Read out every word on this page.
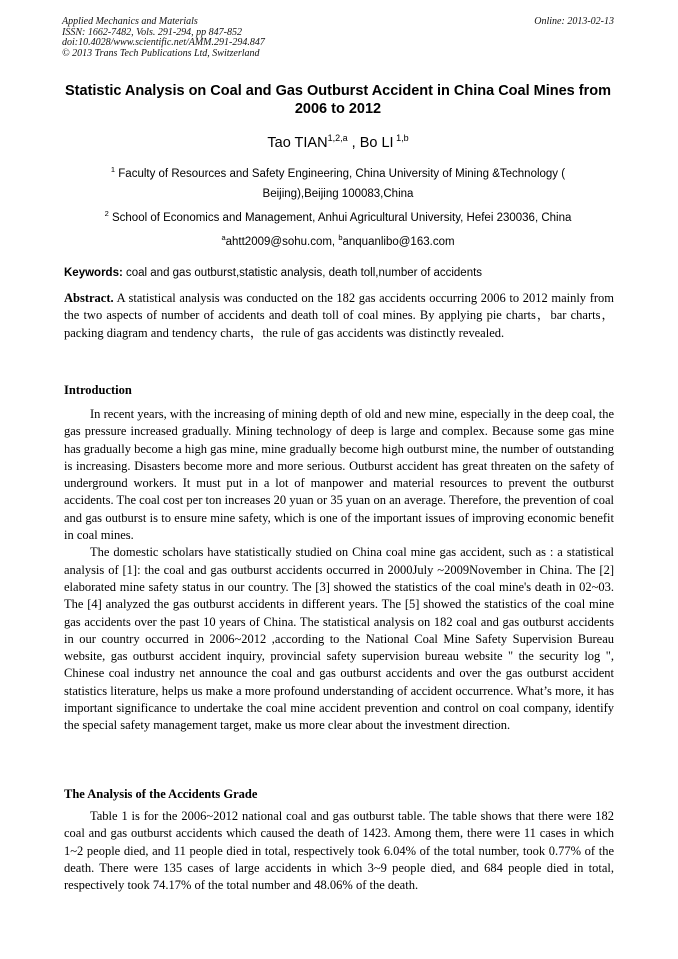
Applied Mechanics and Materials
ISSN: 1662-7482, Vols. 291-294, pp 847-852
doi:10.4028/www.scientific.net/AMM.291-294.847
© 2013 Trans Tech Publications Ltd, Switzerland
Online: 2013-02-13
Statistic Analysis on Coal and Gas Outburst Accident in China Coal Mines from 2006 to 2012
Tao TIAN$^{1,2,a}$ , Bo LI $^{1,b}$
$^1$ Faculty of Resources and Safety Engineering, China University of Mining &Technology ( Beijing),Beijing 100083,China
$^2$ School of Economics and Management, Anhui Agricultural University, Hefei 230036, China
$^a$ahtt2009@sohu.com, $^b$anquanlibo@163.com
Keywords: coal and gas outburst,statistic analysis, death toll,number of accidents

Abstract. A statistical analysis was conducted on the 182 gas accidents occurring 2006 to 2012 mainly from the two aspects of number of accidents and death toll of coal mines. By applying pie charts，bar charts，packing diagram and tendency charts，the rule of gas accidents was distinctly revealed.

Introduction

In recent years, with the increasing of mining depth of old and new mine, especially in the deep coal, the gas pressure increased gradually. Mining technology of deep is large and complex. Because some gas mine has gradually become a high gas mine, mine gradually become high outburst mine, the number of outstanding is increasing. Disasters become more and more serious. Outburst accident has great threaten on the safety of underground workers. It must put in a lot of manpower and material resources to prevent the outburst accidents. The coal cost per ton increases 20 yuan or 35 yuan on an average. Therefore, the prevention of coal and gas outburst is to ensure mine safety, which is one of the important issues of improving economic benefit in coal mines.

The domestic scholars have statistically studied on China coal mine gas accident, such as : a statistical analysis of [1]: the coal and gas outburst accidents occurred in 2000July ~2009November in China. The [2] elaborated mine safety status in our country. The [3] showed the statistics of the coal mine's death in 02~03. The [4] analyzed the gas outburst accidents in different years. The [5] showed the statistics of the coal mine gas accidents over the past 10 years of China. The statistical analysis on 182 coal and gas outburst accidents in our country occurred in 2006~2012 ,according to the National Coal Mine Safety Supervision Bureau website, gas outburst accident inquiry, provincial safety supervision bureau website " the security log ", Chinese coal industry net announce the coal and gas outburst accidents and over the gas outburst accident statistics literature, helps us make a more profound understanding of accident occurrence. What’s more, it has important significance to undertake the coal mine accident prevention and control on coal company, identify the special safety management target, make us more clear about the investment direction.

The Analysis of the Accidents Grade

Table 1 is for the 2006~2012 national coal and gas outburst table. The table shows that there were 182 coal and gas outburst accidents which caused the death of 1423. Among them, there were 11 cases in which 1~2 people died, and 11 people died in total, respectively took 6.04% of the total number, took 0.77% of the death. There were 135 cases of large accidents in which 3~9 people died, and 684 people died in total, respectively took 74.17% of the total number and 48.06% of the death.
